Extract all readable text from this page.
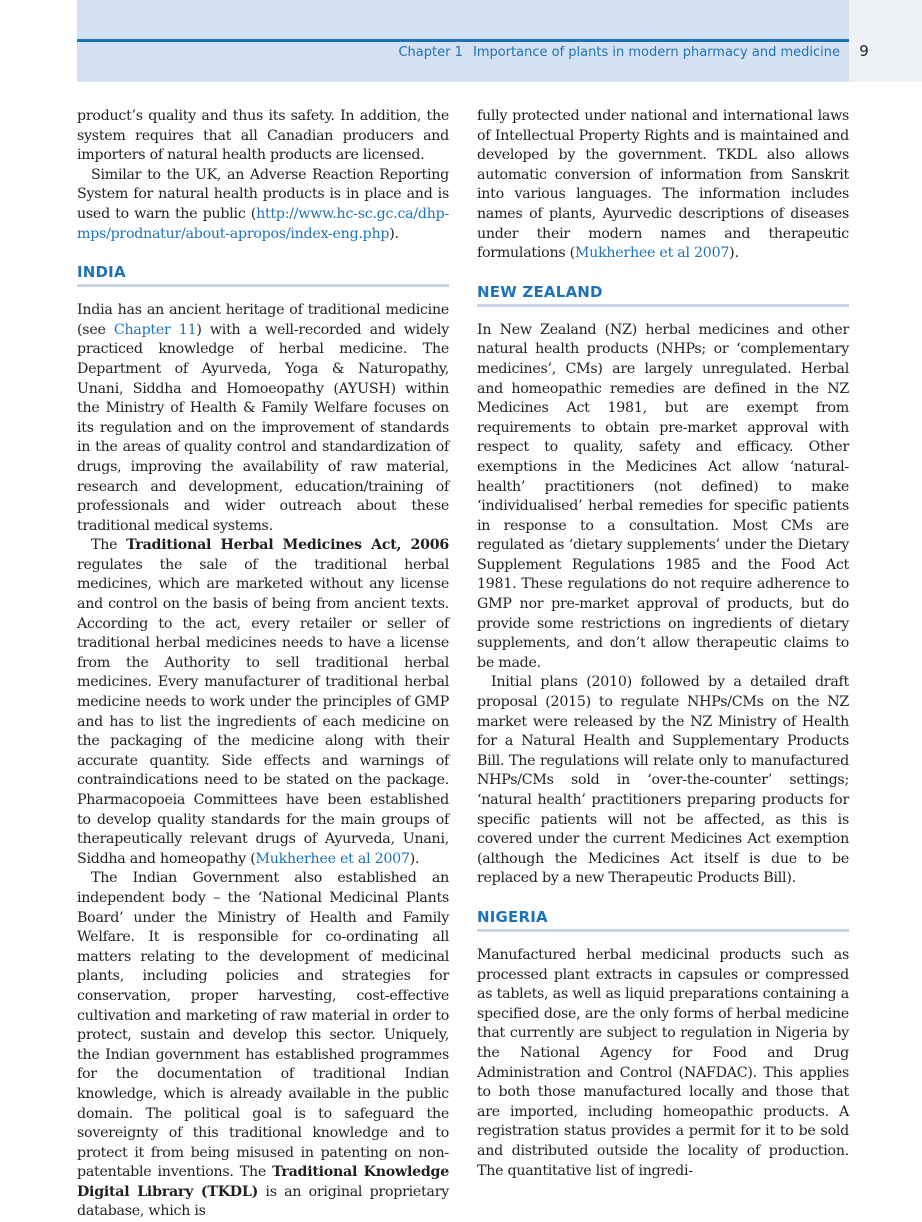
Chapter 1 Importance of plants in modern pharmacy and medicine	9

product’s quality and thus its safety. In addition, the system requires that all Canadian producers and importers of natural health products are licensed.

Similar to the UK, an Adverse Reaction Reporting System for natural health products is in place and is used to warn the public (http://www.hc-sc.gc.ca/dhp-mps/prodnatur/about-apropos/index-eng.php).

INDIA

India has an ancient heritage of traditional medicine (see Chapter 11) with a well-recorded and widely practiced knowledge of herbal medicine. The Department of Ayurveda, Yoga & Naturopathy, Unani, Siddha and Homoeopathy (AYUSH) within the Ministry of Health & Family Welfare focuses on its regulation and on the improvement of standards in the areas of quality control and standardization of drugs, improving the availability of raw material, research and development, education/training of professionals and wider outreach about these traditional medical systems.

The Traditional Herbal Medicines Act, 2006 regulates the sale of the traditional herbal medicines, which are marketed without any license and control on the basis of being from ancient texts. According to the act, every retailer or seller of traditional herbal medicines needs to have a license from the Authority to sell traditional herbal medicines. Every manufacturer of traditional herbal medicine needs to work under the principles of GMP and has to list the ingredients of each medicine on the packaging of the medicine along with their accurate quantity. Side effects and warnings of contraindications need to be stated on the package. Pharmacopoeia Committees have been established to develop quality standards for the main groups of therapeutically relevant drugs of Ayurveda, Unani, Siddha and homeopathy (Mukherhee et al 2007).

The Indian Government also established an independent body – the ‘National Medicinal Plants Board’ under the Ministry of Health and Family Welfare. It is responsible for co-ordinating all matters relating to the development of medicinal plants, including policies and strategies for conservation, proper harvesting, cost-effective cultivation and marketing of raw material in order to protect, sustain and develop this sector. Uniquely, the Indian government has established programmes for the documentation of traditional Indian knowledge, which is already available in the public domain. The political goal is to safeguard the sovereignty of this traditional knowledge and to protect it from being misused in patenting on non-patentable inventions. The Traditional Knowledge Digital Library (TKDL) is an original proprietary database, which is

fully protected under national and international laws of Intellectual Property Rights and is maintained and developed by the government. TKDL also allows automatic conversion of information from Sanskrit into various languages. The information includes names of plants, Ayurvedic descriptions of diseases under their modern names and therapeutic formulations (Mukherhee et al 2007).

NEW ZEALAND

In New Zealand (NZ) herbal medicines and other natural health products (NHPs; or ‘complementary medicines’, CMs) are largely unregulated. Herbal and homeopathic remedies are defined in the NZ Medicines Act 1981, but are exempt from requirements to obtain pre-market approval with respect to quality, safety and efficacy. Other exemptions in the Medicines Act allow ‘natural-health’ practitioners (not defined) to make ‘individualised’ herbal remedies for specific patients in response to a consultation. Most CMs are regulated as ‘dietary supplements’ under the Dietary Supplement Regulations 1985 and the Food Act 1981. These regulations do not require adherence to GMP nor pre-market approval of products, but do provide some restrictions on ingredients of dietary supplements, and don’t allow therapeutic claims to be made.

Initial plans (2010) followed by a detailed draft proposal (2015) to regulate NHPs/CMs on the NZ market were released by the NZ Ministry of Health for a Natural Health and Supplementary Products Bill. The regulations will relate only to manufactured NHPs/CMs sold in ‘over-the-counter’ settings; ‘natural health’ practitioners preparing products for specific patients will not be affected, as this is covered under the current Medicines Act exemption (although the Medicines Act itself is due to be replaced by a new Therapeutic Products Bill).

NIGERIA

Manufactured herbal medicinal products such as processed plant extracts in capsules or compressed as tablets, as well as liquid preparations containing a specified dose, are the only forms of herbal medicine that currently are subject to regulation in Nigeria by the National Agency for Food and Drug Administration and Control (NAFDAC). This applies to both those manufactured locally and those that are imported, including homeopathic products. A registration status provides a permit for it to be sold and distributed outside the locality of production. The quantitative list of ingredi-
